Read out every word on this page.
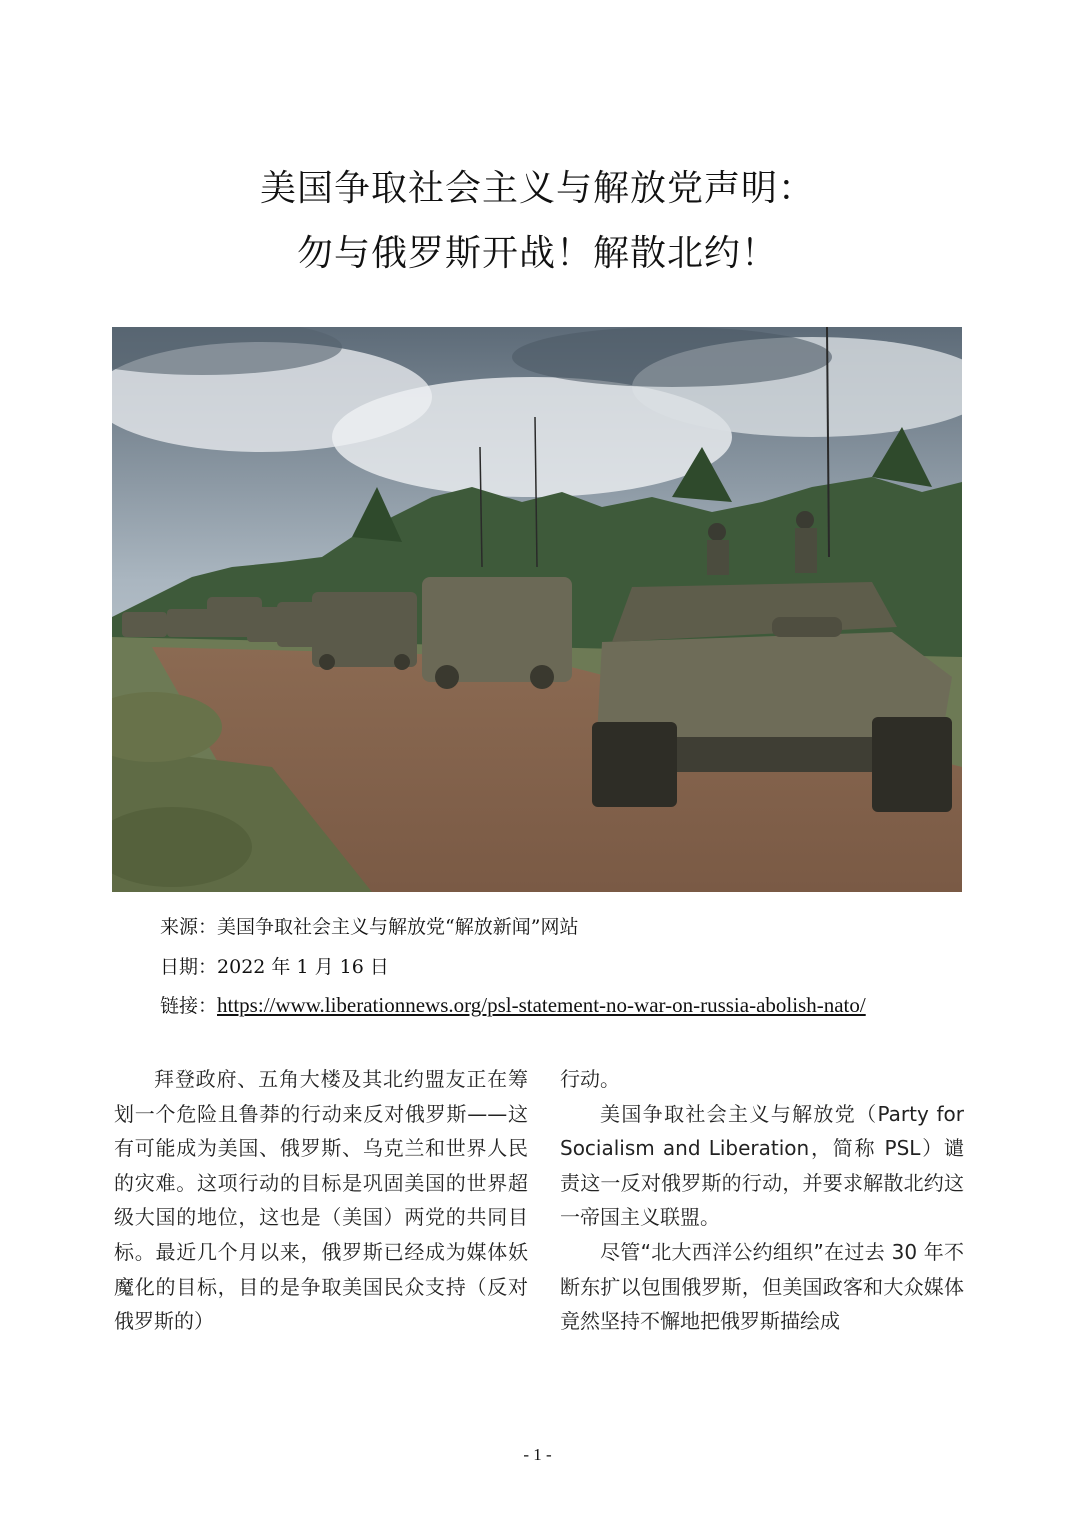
美国争取社会主义与解放党声明：
勿与俄罗斯开战！解散北约！
来源：美国争取社会主义与解放党“解放新闻”网站
日期：2022 年 1 月 16 日
链接：https://www.liberationnews.org/psl-statement-no-war-on-russia-abolish-nato/

拜登政府、五角大楼及其北约盟友正在筹划一个危险且鲁莽的行动来反对俄罗斯——这有可能成为美国、俄罗斯、乌克兰和世界人民的灾难。这项行动的目标是巩固美国的世界超级大国的地位，这也是（美国）两党的共同目标。最近几个月以来，俄罗斯已经成为媒体妖魔化的目标，目的是争取美国民众支持（反对俄罗斯的）

行动。

美国争取社会主义与解放党（Party for Socialism and Liberation，简称 PSL）谴责这一反对俄罗斯的行动，并要求解散北约这一帝国主义联盟。

尽管“北大西洋公约组织”在过去 30 年不断东扩以包围俄罗斯，但美国政客和大众媒体竟然坚持不懈地把俄罗斯描绘成

- 1 -
